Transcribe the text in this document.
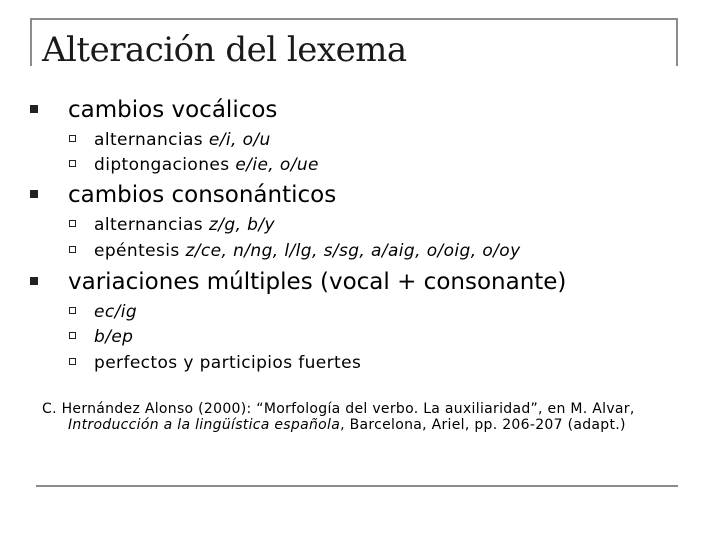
Alteración del lexema
cambios vocálicos
alternancias e/i, o/u
diptongaciones e/ie, o/ue
cambios consonánticos
alternancias z/g, b/y
epéntesis z/ce, n/ng, l/lg, s/sg, a/aig, o/oig, o/oy
variaciones múltiples (vocal + consonante)
ec/ig
b/ep
perfectos y participios fuertes
C. Hernández Alonso (2000): “Morfología del verbo. La auxiliaridad”, en M. Alvar,
Introducción a la lingüística española, Barcelona, Ariel, pp. 206-207 (adapt.)
